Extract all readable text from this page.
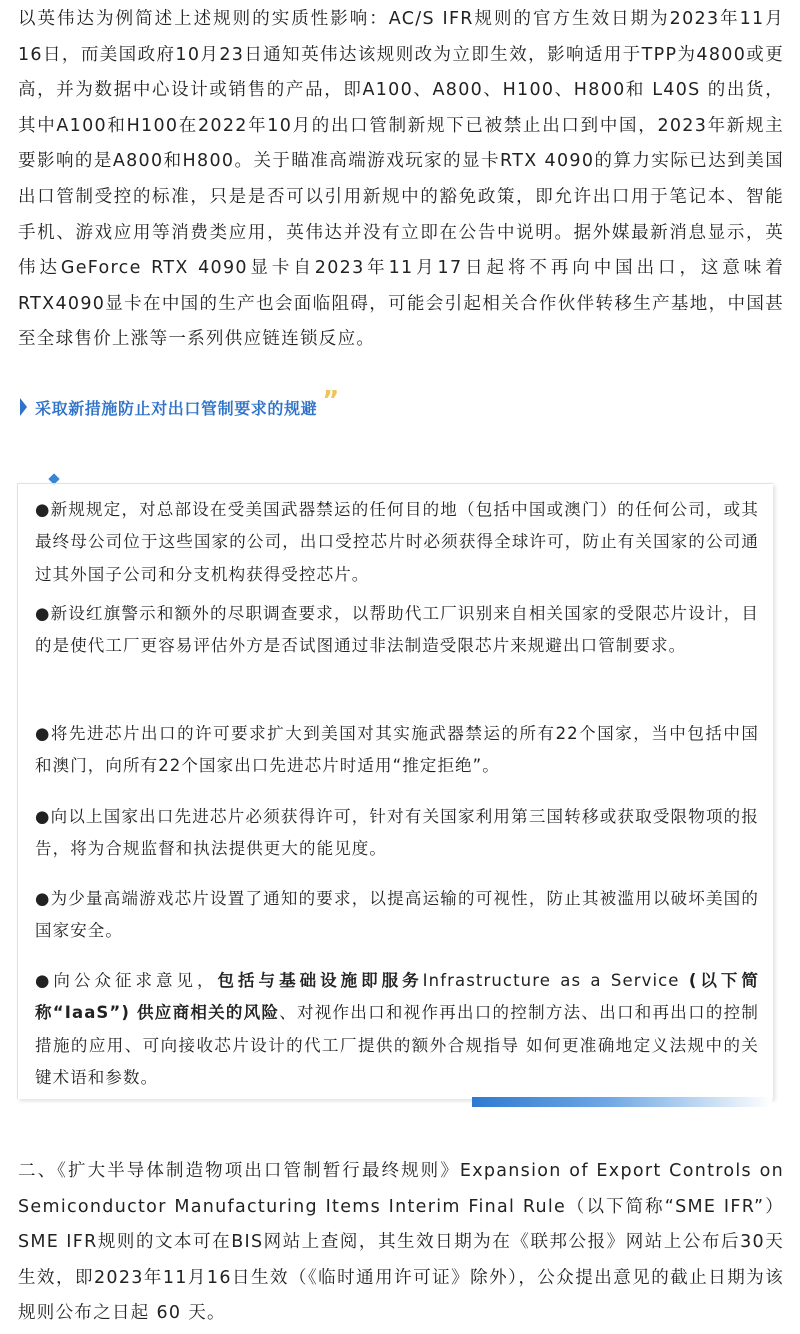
以英伟达为例简述上述规则的实质性影响：AC/S IFR规则的官方生效日期为2023年11月16日，而美国政府10月23日通知英伟达该规则改为立即生效，影响适用于TPP为4800或更高，并为数据中心设计或销售的产品，即A100、A800、H100、H800和 L40S 的出货，其中A100和H100在2022年10月的出口管制新规下已被禁止出口到中国，2023年新规主要影响的是A800和H800。关于瞄准高端游戏玩家的显卡RTX 4090的算力实际已达到美国出口管制受控的标准，只是是否可以引用新规中的豁免政策，即允许出口用于笔记本、智能手机、游戏应用等消费类应用，英伟达并没有立即在公告中说明。据外媒最新消息显示，英伟达GeForce RTX 4090显卡自2023年11月17日起将不再向中国出口，这意味着RTX4090显卡在中国的生产也会面临阻碍，可能会引起相关合作伙伴转移生产基地，中国甚至全球售价上涨等一系列供应链连锁反应。

采取新措施防止对出口管制要求的规避 ”

●新规规定，对总部设在受美国武器禁运的任何目的地（包括中国或澳门）的任何公司，或其最终母公司位于这些国家的公司，出口受控芯片时必须获得全球许可，防止有关国家的公司通过其外国子公司和分支机构获得受控芯片。

●新设红旗警示和额外的尽职调查要求，以帮助代工厂识别来自相关国家的受限芯片设计，目的是使代工厂更容易评估外方是否试图通过非法制造受限芯片来规避出口管制要求。

●将先进芯片出口的许可要求扩大到美国对其实施武器禁运的所有22个国家，当中包括中国和澳门，向所有22个国家出口先进芯片时适用“推定拒绝”。

●向以上国家出口先进芯片必须获得许可，针对有关国家利用第三国转移或获取受限物项的报告，将为合规监督和执法提供更大的能见度。

●为少量高端游戏芯片设置了通知的要求，以提高运输的可视性，防止其被滥用以破坏美国的国家安全。

●向公众征求意见，包括与基础设施即服务Infrastructure as a Service (以下简称“IaaS”) 供应商相关的风险、对视作出口和视作再出口的控制方法、出口和再出口的控制措施的应用、可向接收芯片设计的代工厂提供的额外合规指导 如何更准确地定义法规中的关键术语和参数。

二、《扩大半导体制造物项出口管制暂行最终规则》Expansion of Export Controls on Semiconductor Manufacturing Items Interim Final Rule（以下简称“SME IFR”）SME IFR规则的文本可在BIS网站上查阅，其生效日期为在《联邦公报》网站上公布后30天生效，即2023年11月16日生效（《临时通用许可证》除外），公众提出意见的截止日期为该规则公布之日起 60 天。
